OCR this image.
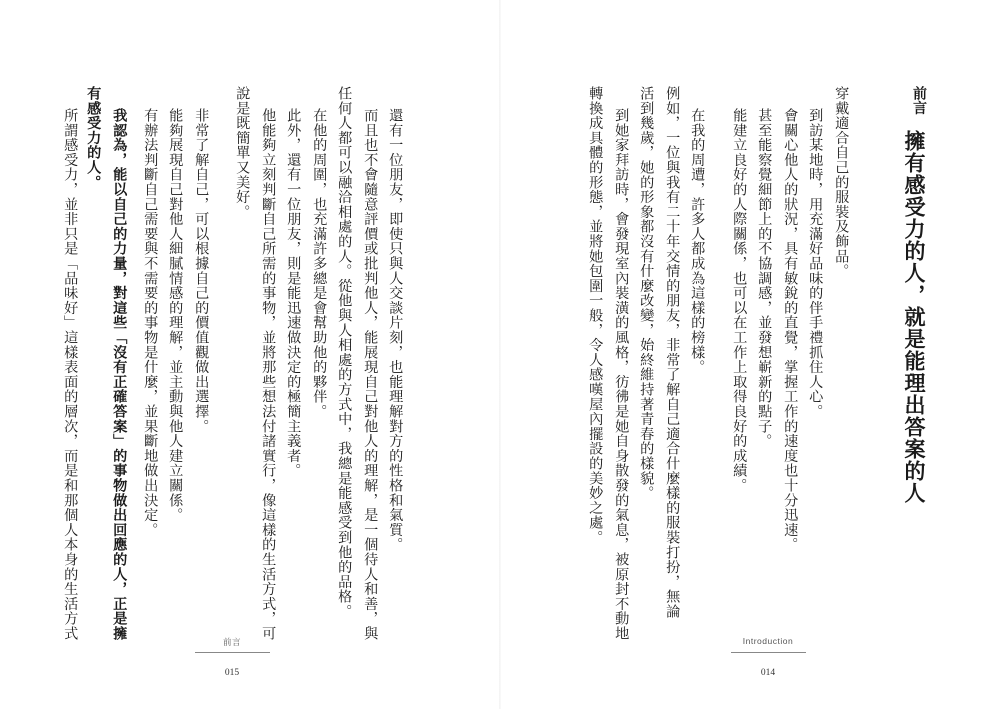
前言
擁有感受力的人，就是能理出答案的人
穿戴適合自己的服裝及飾品。
到訪某地時，用充滿好品味的伴手禮抓住人心。
會關心他人的狀況，具有敏銳的直覺，掌握工作的速度也十分迅速。
甚至能察覺細節上的不協調感，並發想嶄新的點子。
能建立良好的人際關係，也可以在工作上取得良好的成績。
在我的周遭，許多人都成為這樣的榜樣。
例如，一位與我有二十年交情的朋友，非常了解自己適合什麼樣的服裝打扮，無論
活到幾歲，她的形象都沒有什麼改變，始終維持著青春的樣貌。
到她家拜訪時，會發現室內裝潢的風格，彷彿是她自身散發的氣息，被原封不動地
轉換成具體的形態，並將她包圍一般，令人感嘆屋內擺設的美妙之處。
Introduction
014
還有一位朋友，即使只與人交談片刻，也能理解對方的性格和氣質。
而且也不會隨意評價或批判他人，能展現自己對他人的理解，是一個待人和善，與
任何人都可以融洽相處的人。從他與人相處的方式中，我總是能感受到他的品格。
在他的周圍，也充滿許多總是會幫助他的夥伴。
此外，還有一位朋友，則是能迅速做決定的極簡主義者。
他能夠立刻判斷自己所需的事物，並將那些想法付諸實行，像這樣的生活方式，可
說是既簡單又美好。
非常了解自己，可以根據自己的價值觀做出選擇。
能夠展現自己對他人細膩情感的理解，並主動與他人建立關係。
有辦法判斷自己需要與不需要的事物是什麼，並果斷地做出決定。
我認為，能以自己的力量，對這些「沒有正確答案」的事物做出回應的人，正是擁
有感受力的人。
所謂感受力，並非只是「品味好」這樣表面的層次，而是和那個人本身的生活方式
前言
015
